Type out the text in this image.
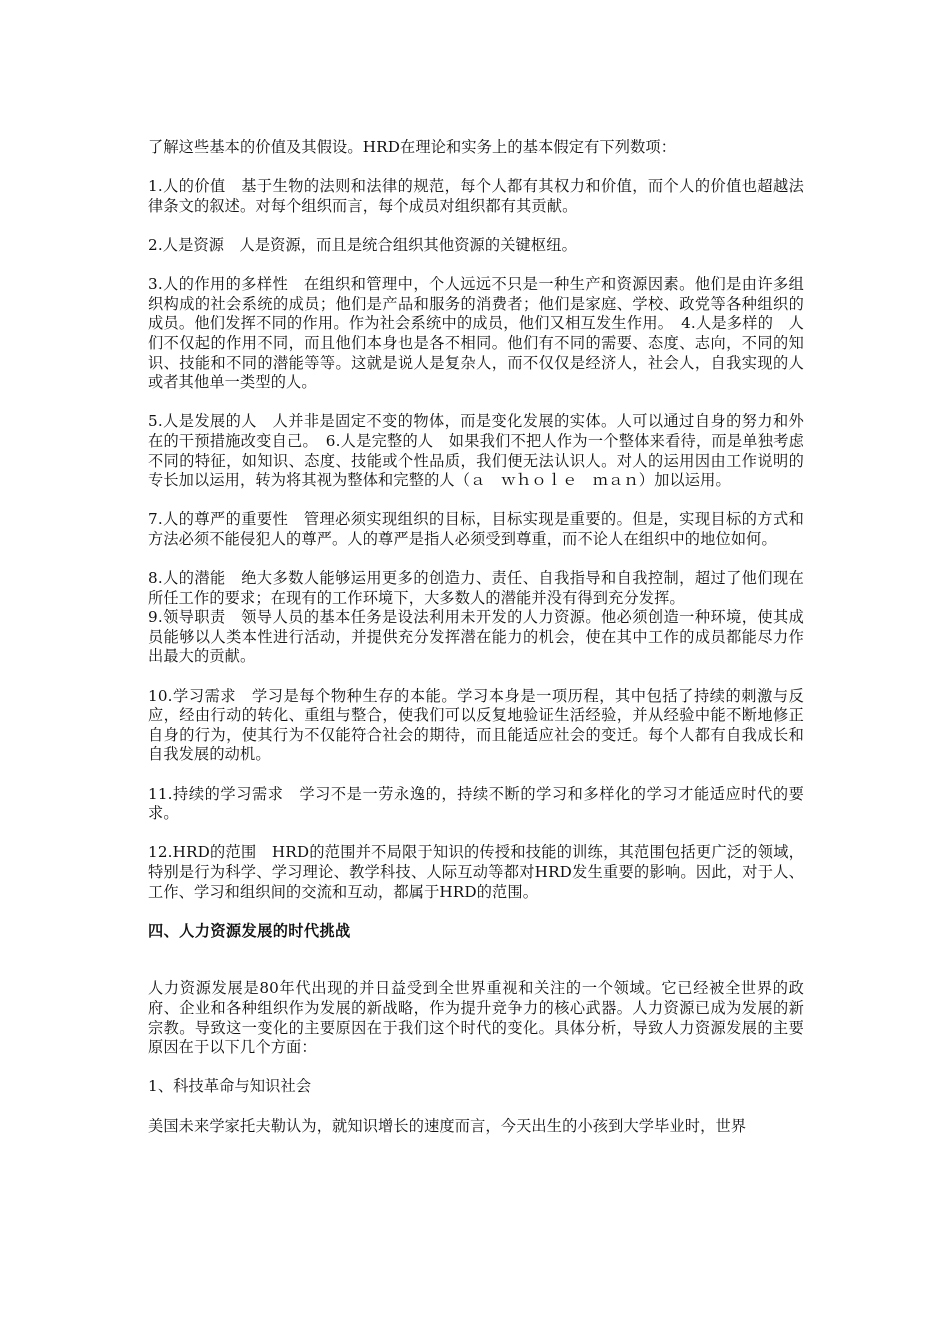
了解这些基本的价值及其假设。HRD在理论和实务上的基本假定有下列数项：

1.人的价值　基于生物的法则和法律的规范，每个人都有其权力和价值，而个人的价值也超越法律条文的叙述。对每个组织而言，每个成员对组织都有其贡献。

2.人是资源　人是资源，而且是统合组织其他资源的关键枢纽。

3.人的作用的多样性　在组织和管理中，个人远远不只是一种生产和资源因素。他们是由许多组织构成的社会系统的成员；他们是产品和服务的消费者；他们是家庭、学校、政党等各种组织的成员。他们发挥不同的作用。作为社会系统中的成员，他们又相互发生作用。　4.人是多样的　人们不仅起的作用不同，而且他们本身也是各不相同。他们有不同的需要、态度、志向，不同的知识、技能和不同的潜能等等。这就是说人是复杂人，而不仅仅是经济人，社会人，自我实现的人或者其他单一类型的人。

5.人是发展的人　人并非是固定不变的物体，而是变化发展的实体。人可以通过自身的努力和外在的干预措施改变自己。　6.人是完整的人　如果我们不把人作为一个整体来看待，而是单独考虑不同的特征，如知识、态度、技能或个性品质，我们便无法认识人。对人的运用因由工作说明的专长加以运用，转为将其视为整体和完整的人（ａ　ｗｈｏｌｅ　ｍａｎ）加以运用。

7.人的尊严的重要性　管理必须实现组织的目标，目标实现是重要的。但是，实现目标的方式和方法必须不能侵犯人的尊严。人的尊严是指人必须受到尊重，而不论人在组织中的地位如何。

8.人的潜能　绝大多数人能够运用更多的创造力、责任、自我指导和自我控制，超过了他们现在所任工作的要求；在现有的工作环境下，大多数人的潜能并没有得到充分发挥。

9.领导职责　领导人员的基本任务是设法利用未开发的人力资源。他必须创造一种环境，使其成员能够以人类本性进行活动，并提供充分发挥潜在能力的机会，使在其中工作的成员都能尽力作出最大的贡献。

10.学习需求　学习是每个物种生存的本能。学习本身是一项历程，其中包括了持续的刺激与反应，经由行动的转化、重组与整合，使我们可以反复地验证生活经验，并从经验中能不断地修正自身的行为，使其行为不仅能符合社会的期待，而且能适应社会的变迁。每个人都有自我成长和自我发展的动机。

11.持续的学习需求　学习不是一劳永逸的，持续不断的学习和多样化的学习才能适应时代的要求。

12.HRD的范围　HRD的范围并不局限于知识的传授和技能的训练，其范围包括更广泛的领域，特别是行为科学、学习理论、教学科技、人际互动等都对HRD发生重要的影响。因此，对于人、工作、学习和组织间的交流和互动，都属于HRD的范围。

四、人力资源发展的时代挑战

人力资源发展是80年代出现的并日益受到全世界重视和关注的一个领域。它已经被全世界的政府、企业和各种组织作为发展的新战略，作为提升竞争力的核心武器。人力资源已成为发展的新宗教。导致这一变化的主要原因在于我们这个时代的变化。具体分析，导致人力资源发展的主要原因在于以下几个方面：

1、科技革命与知识社会

美国未来学家托夫勒认为，就知识增长的速度而言，今天出生的小孩到大学毕业时，世界
